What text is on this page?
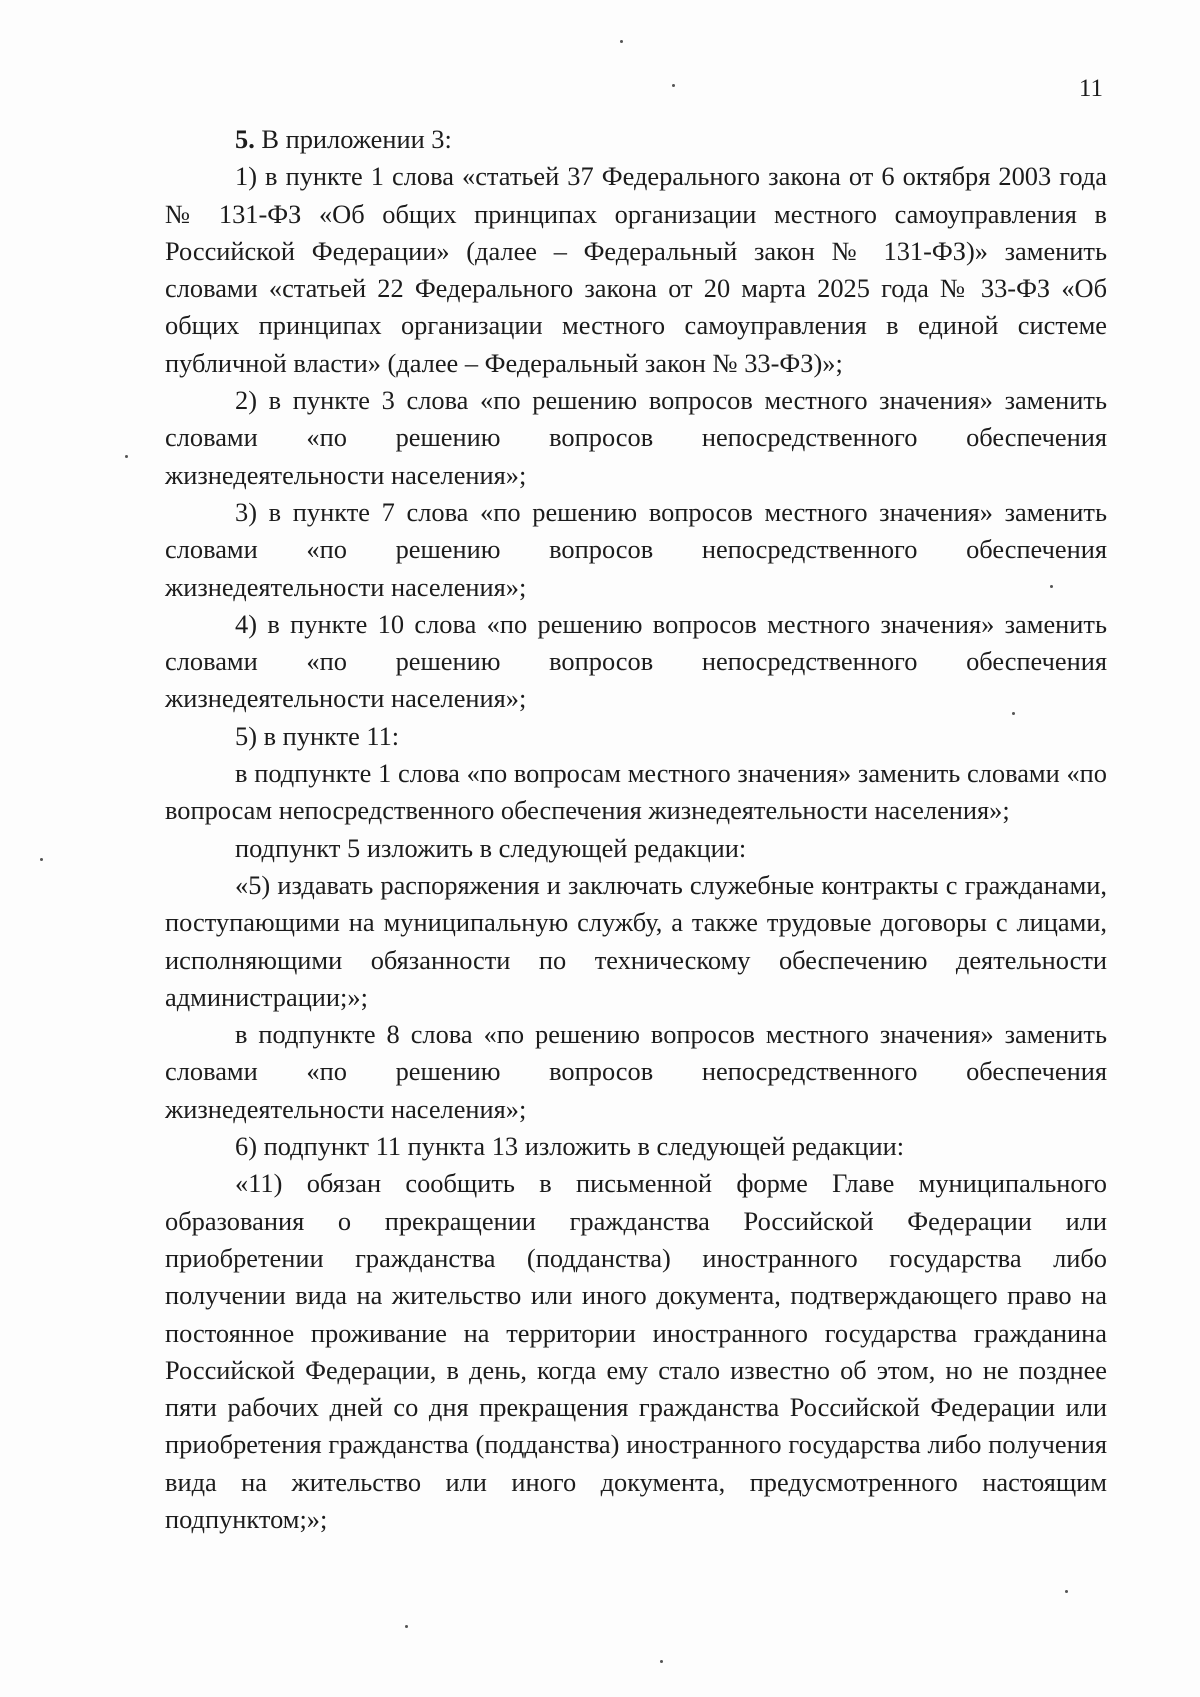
11

5. В приложении 3:

1) в пункте 1 слова «статьей 37 Федерального закона от 6 октября 2003 года № 131-ФЗ «Об общих принципах организации местного самоуправления в Российской Федерации» (далее – Федеральный закон № 131-ФЗ)» заменить словами «статьей 22 Федерального закона от 20 марта 2025 года № 33-ФЗ «Об общих принципах организации местного самоуправления в единой системе публичной власти» (далее – Федеральный закон № 33-ФЗ)»;

2) в пункте 3 слова «по решению вопросов местного значения» заменить словами «по решению вопросов непосредственного обеспечения жизнедеятельности населения»;

3) в пункте 7 слова «по решению вопросов местного значения» заменить словами «по решению вопросов непосредственного обеспечения жизнедеятельности населения»;

4) в пункте 10 слова «по решению вопросов местного значения» заменить словами «по решению вопросов непосредственного обеспечения жизнедеятельности населения»;

5) в пункте 11:

в подпункте 1 слова «по вопросам местного значения» заменить словами «по вопросам непосредственного обеспечения жизнедеятельности населения»;

подпункт 5 изложить в следующей редакции:

«5) издавать распоряжения и заключать служебные контракты с гражданами, поступающими на муниципальную службу, а также трудовые договоры с лицами, исполняющими обязанности по техническому обеспечению деятельности администрации;»;

в подпункте 8 слова «по решению вопросов местного значения» заменить словами «по решению вопросов непосредственного обеспечения жизнедеятельности населения»;

6) подпункт 11 пункта 13 изложить в следующей редакции:

«11) обязан сообщить в письменной форме Главе муниципального образования о прекращении гражданства Российской Федерации или приобретении гражданства (подданства) иностранного государства либо получении вида на жительство или иного документа, подтверждающего право на постоянное проживание на территории иностранного государства гражданина Российской Федерации, в день, когда ему стало известно об этом, но не позднее пяти рабочих дней со дня прекращения гражданства Российской Федерации или приобретения гражданства (подданства) иностранного государства либо получения вида на жительство или иного документа, предусмотренного настоящим подпунктом;»;
